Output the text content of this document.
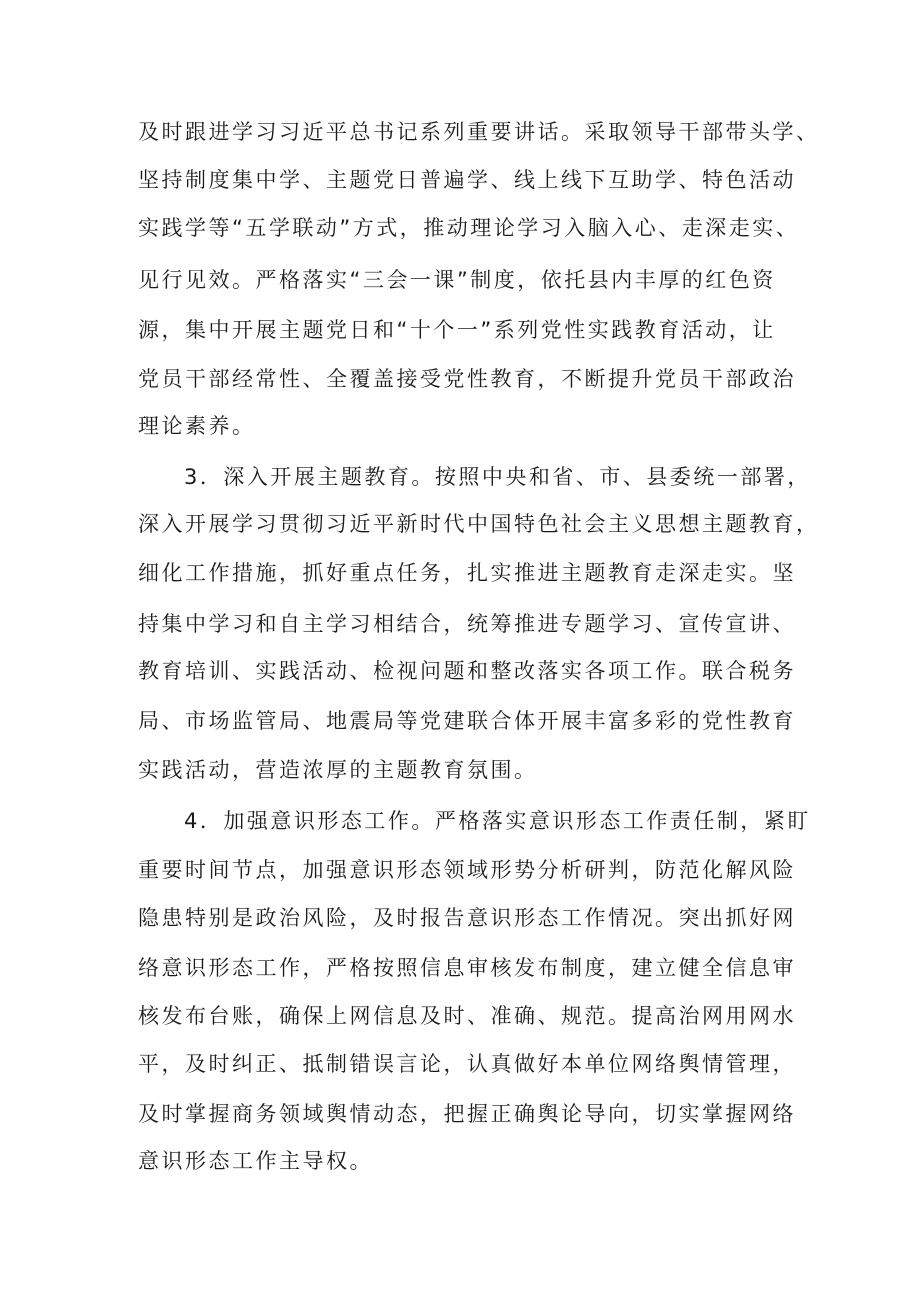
及时跟进学习习近平总书记系列重要讲话。采取领导干部带头学、

坚持制度集中学、主题党日普遍学、线上线下互助学、特色活动

实践学等“五学联动”方式，推动理论学习入脑入心、走深走实、

见行见效。严格落实“三会一课”制度，依托县内丰厚的红色资

源，集中开展主题党日和“十个一”系列党性实践教育活动，让

党员干部经常性、全覆盖接受党性教育，不断提升党员干部政治

理论素养。

3．深入开展主题教育。按照中央和省、市、县委统一部署，

深入开展学习贯彻习近平新时代中国特色社会主义思想主题教育，

细化工作措施，抓好重点任务，扎实推进主题教育走深走实。坚

持集中学习和自主学习相结合，统筹推进专题学习、宣传宣讲、

教育培训、实践活动、检视问题和整改落实各项工作。联合税务

局、市场监管局、地震局等党建联合体开展丰富多彩的党性教育

实践活动，营造浓厚的主题教育氛围。

4．加强意识形态工作。严格落实意识形态工作责任制，紧盯

重要时间节点，加强意识形态领域形势分析研判，防范化解风险

隐患特别是政治风险，及时报告意识形态工作情况。突出抓好网

络意识形态工作，严格按照信息审核发布制度，建立健全信息审

核发布台账，确保上网信息及时、准确、规范。提高治网用网水

平，及时纠正、抵制错误言论，认真做好本单位网络舆情管理，

及时掌握商务领域舆情动态，把握正确舆论导向，切实掌握网络

意识形态工作主导权。
